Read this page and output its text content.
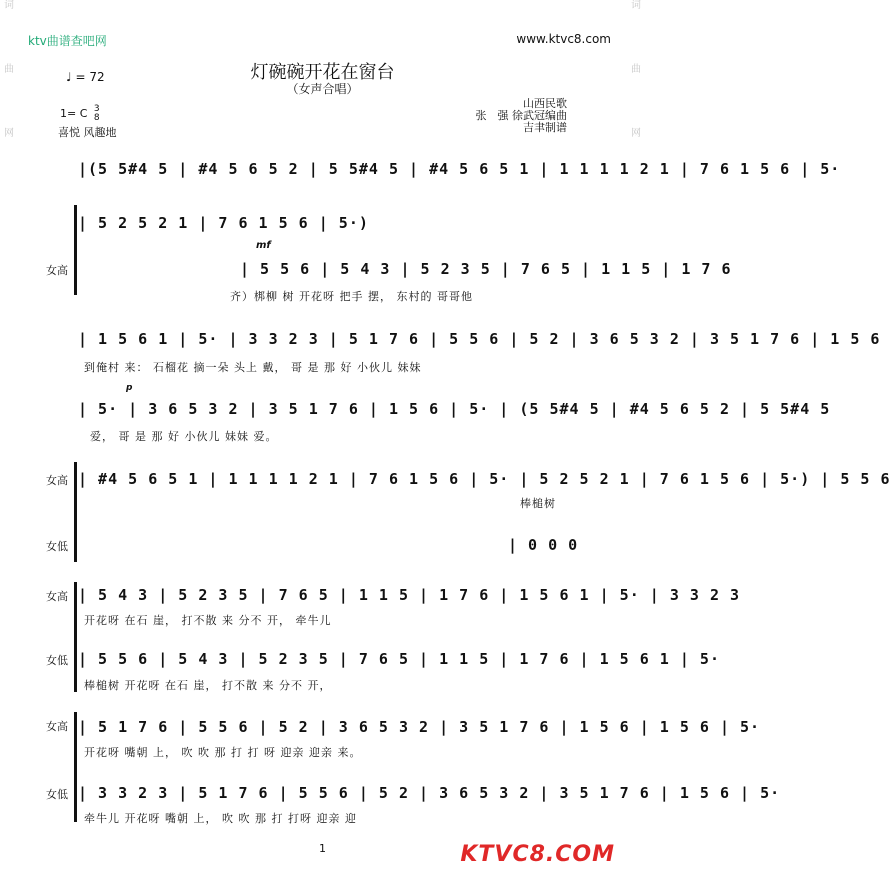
词
曲
网
词
曲
网
ktv曲谱查吧网	www.ktvc8.com
灯碗碗开花在窗台
（女声合唱）
♩ = 72
1= C 3
8
喜悦 风趣地
山西民歌
张　强 徐武冠编曲
吉聿制谱
|(5 5#4 5 | #4 5 6 5 2 | 5 5#4 5 | #4 5 6 5 1 | 1 1 1 1 2 1 | 7 6 1 5 6 | 5·
| 5 2 5 2 1 | 7 6 1 5 6 | 5·)
女高
mf
| 5 5 6 | 5 4 3 | 5 2 3 5 | 7 6 5 | 1 1 5 | 1 7 6
齐）梆柳 树 开花呀 把手 摆， 东村的 哥哥他
| 1 5 6 1 | 5· | 3 3 2 3 | 5 1 7 6 | 5 5 6 | 5 2 | 3 6 5 3 2 | 3 5 1 7 6 | 1 5 6
到俺村 来： 石榴花 摘一朵 头上 戴， 哥 是 那 好 小伙儿 妹妹
p
| 5· | 3 6 5 3 2 | 3 5 1 7 6 | 1 5 6 | 5· | (5 5#4 5 | #4 5 6 5 2 | 5 5#4 5
爱， 哥 是 那 好 小伙儿 妹妹 爱。
女高 | #4 5 6 5 1 | 1 1 1 1 2 1 | 7 6 1 5 6 | 5· | 5 2 5 2 1 | 7 6 1 5 6 | 5·) | 5 5 6
棒槌树
女低	| 0 0 0
女高 | 5 4 3 | 5 2 3 5 | 7 6 5 | 1 1 5 | 1 7 6 | 1 5 6 1 | 5· | 3 3 2 3
开花呀 在石 崖， 打不散 来 分不 开， 牵牛儿
女低 | 5 5 6 | 5 4 3 | 5 2 3 5 | 7 6 5 | 1 1 5 | 1 7 6 | 1 5 6 1 | 5·
棒槌树 开花呀 在石 崖， 打不散 来 分不 开，
女高 | 5 1 7 6 | 5 5 6 | 5 2 | 3 6 5 3 2 | 3 5 1 7 6 | 1 5 6 | 1 5 6 | 5·
开花呀 嘴朝 上， 吹 吹 那 打 打 呀 迎亲 迎亲 来。
女低 | 3 3 2 3 | 5 1 7 6 | 5 5 6 | 5 2 | 3 6 5 3 2 | 3 5 1 7 6 | 1 5 6 | 5·
牵牛儿 开花呀 嘴朝 上， 吹 吹 那 打 打呀 迎亲 迎
1	KTVC8.COM
